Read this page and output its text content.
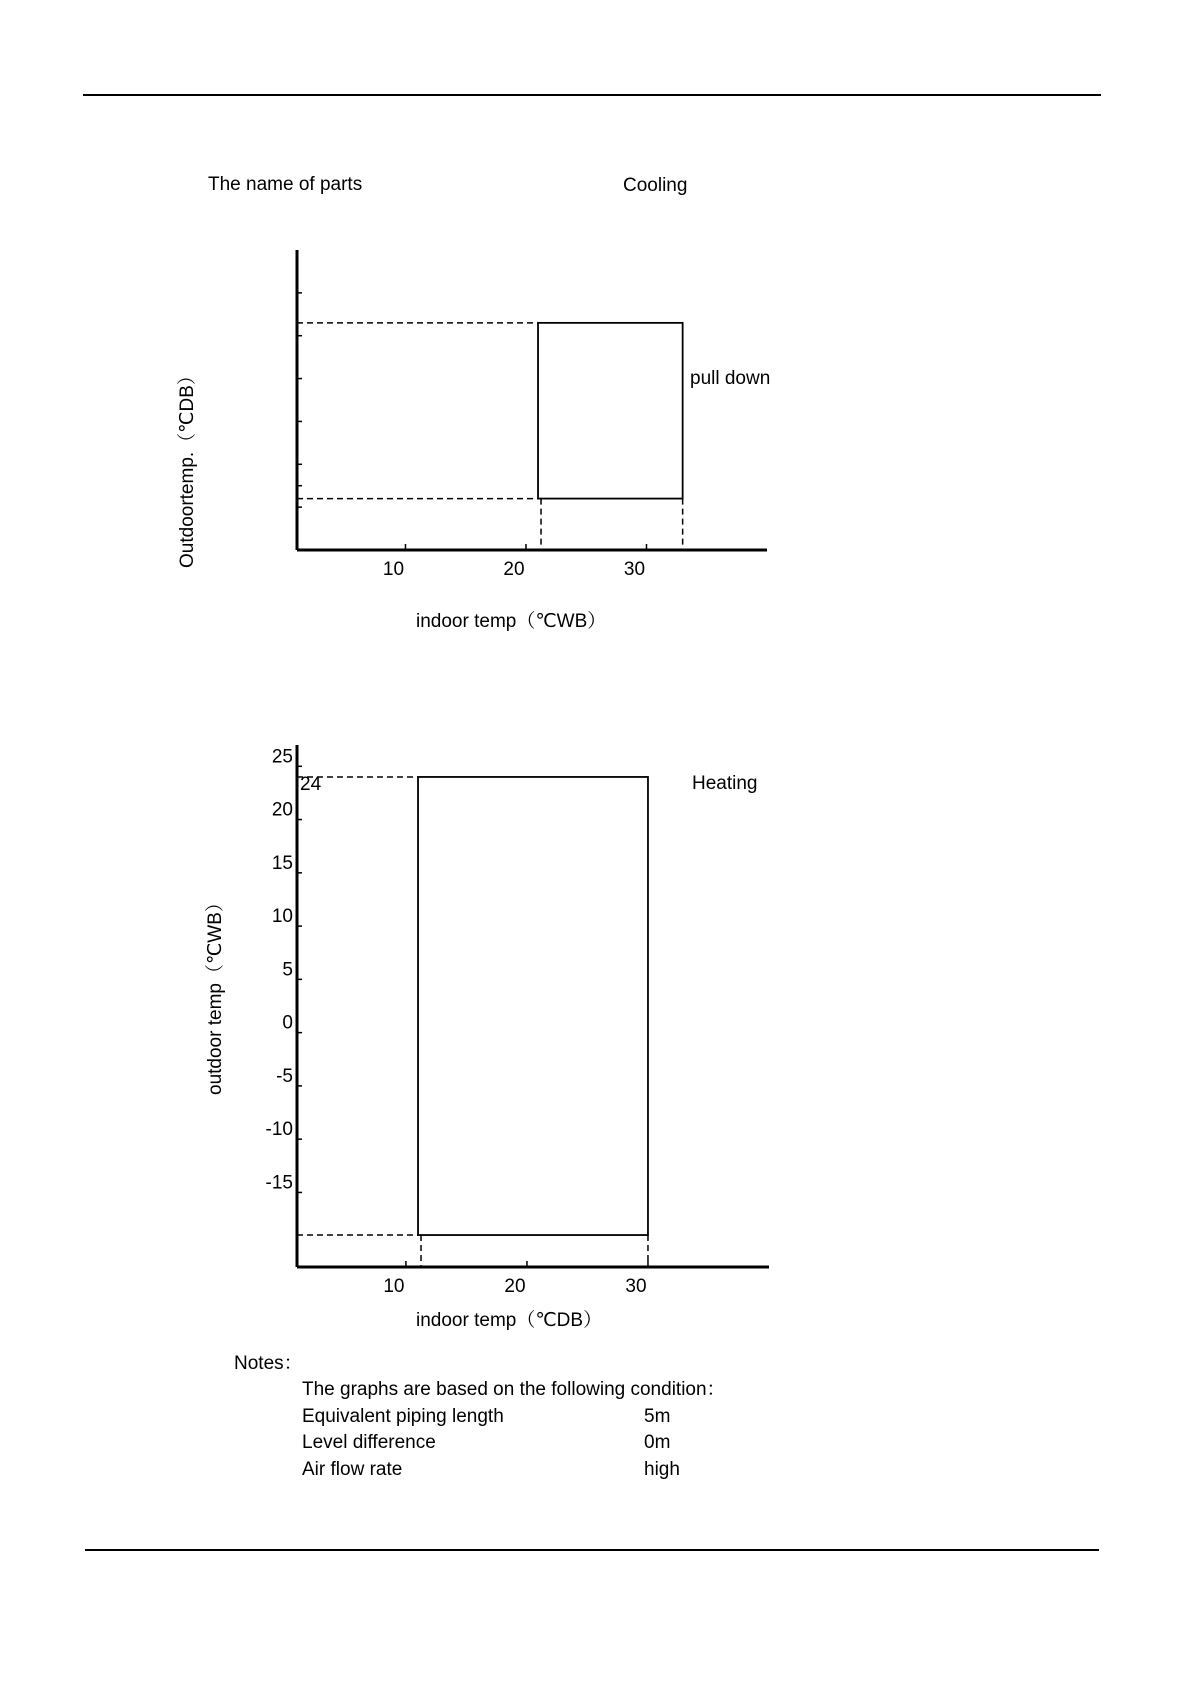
The name of parts	Cooling
10	20	30
indoor temp（℃WB）
Outdoortemp.（℃DB）	pull down
10	20	30
-15
-10
-5
0
5
10
15
20
25
Heating
24
indoor temp（℃DB）
outdoor temp（℃WB）
Notes：
The graphs are based on the following condition：
Equivalent piping length	5m
Level difference	0m
Air flow rate	high
